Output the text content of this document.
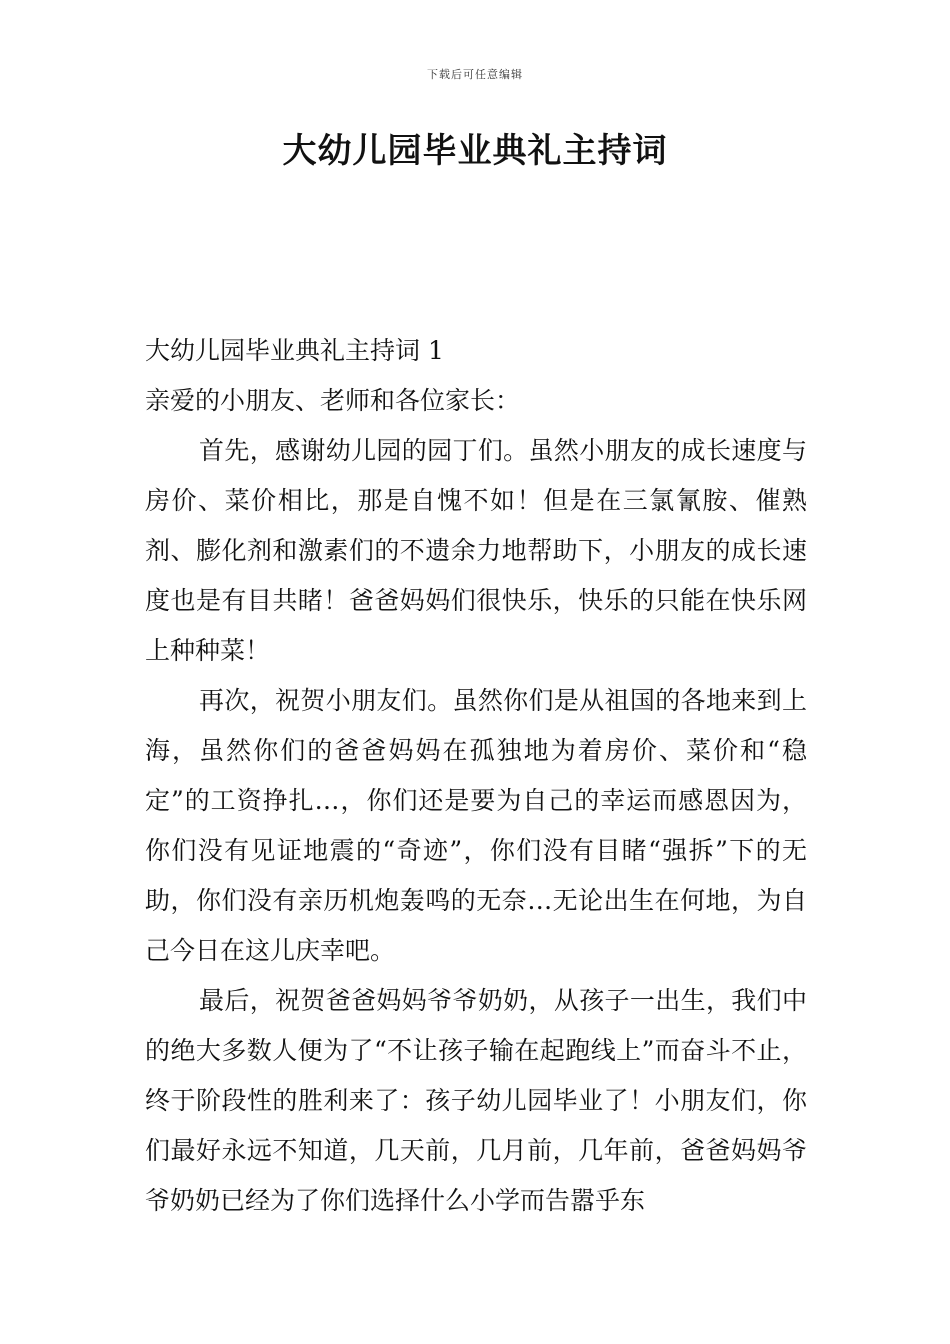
下载后可任意编辑
大幼儿园毕业典礼主持词

大幼儿园毕业典礼主持词 1

亲爱的小朋友、老师和各位家长：

首先，感谢幼儿园的园丁们。虽然小朋友的成长速度与房价、菜价相比，那是自愧不如！但是在三氯氰胺、催熟剂、膨化剂和激素们的不遗余力地帮助下，小朋友的成长速度也是有目共睹！爸爸妈妈们很快乐，快乐的只能在快乐网上种种菜！

再次，祝贺小朋友们。虽然你们是从祖国的各地来到上海，虽然你们的爸爸妈妈在孤独地为着房价、菜价和“稳定”的工资挣扎…，你们还是要为自己的幸运而感恩因为，你们没有见证地震的“奇迹”，你们没有目睹“强拆”下的无助，你们没有亲历机炮轰鸣的无奈…无论出生在何地，为自己今日在这儿庆幸吧。

最后，祝贺爸爸妈妈爷爷奶奶，从孩子一出生，我们中的绝大多数人便为了“不让孩子输在起跑线上”而奋斗不止，终于阶段性的胜利来了：孩子幼儿园毕业了！小朋友们，你们最好永远不知道，几天前，几月前，几年前，爸爸妈妈爷爷奶奶已经为了你们选择什么小学而告嚣乎东
